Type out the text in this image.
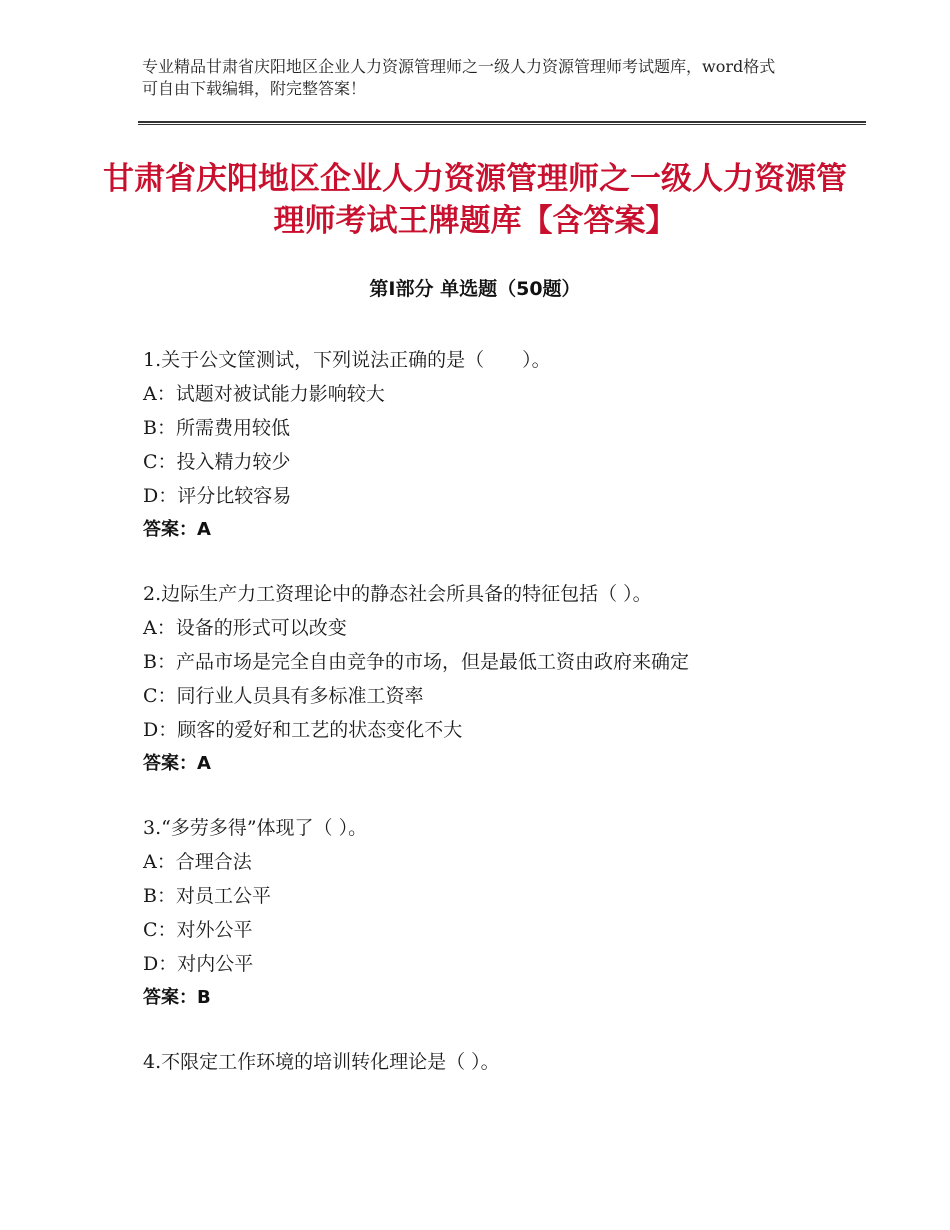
专业精品甘肃省庆阳地区企业人力资源管理师之一级人力资源管理师考试题库，word格式可自由下载编辑，附完整答案！
甘肃省庆阳地区企业人力资源管理师之一级人力资源管理师考试王牌题库【含答案】
第Ⅰ部分 单选题（50题）
1.关于公文筐测试，下列说法正确的是（　　）。
A：试题对被试能力影响较大
B：所需费用较低
C：投入精力较少
D：评分比较容易
答案：A
2.边际生产力工资理论中的静态社会所具备的特征包括（ ）。
A：设备的形式可以改变
B：产品市场是完全自由竞争的市场，但是最低工资由政府来确定
C：同行业人员具有多标准工资率
D：顾客的爱好和工艺的状态变化不大
答案：A
3.“多劳多得”体现了（ ）。
A：合理合法
B：对员工公平
C：对外公平
D：对内公平
答案：B
4.不限定工作环境的培训转化理论是（ ）。
